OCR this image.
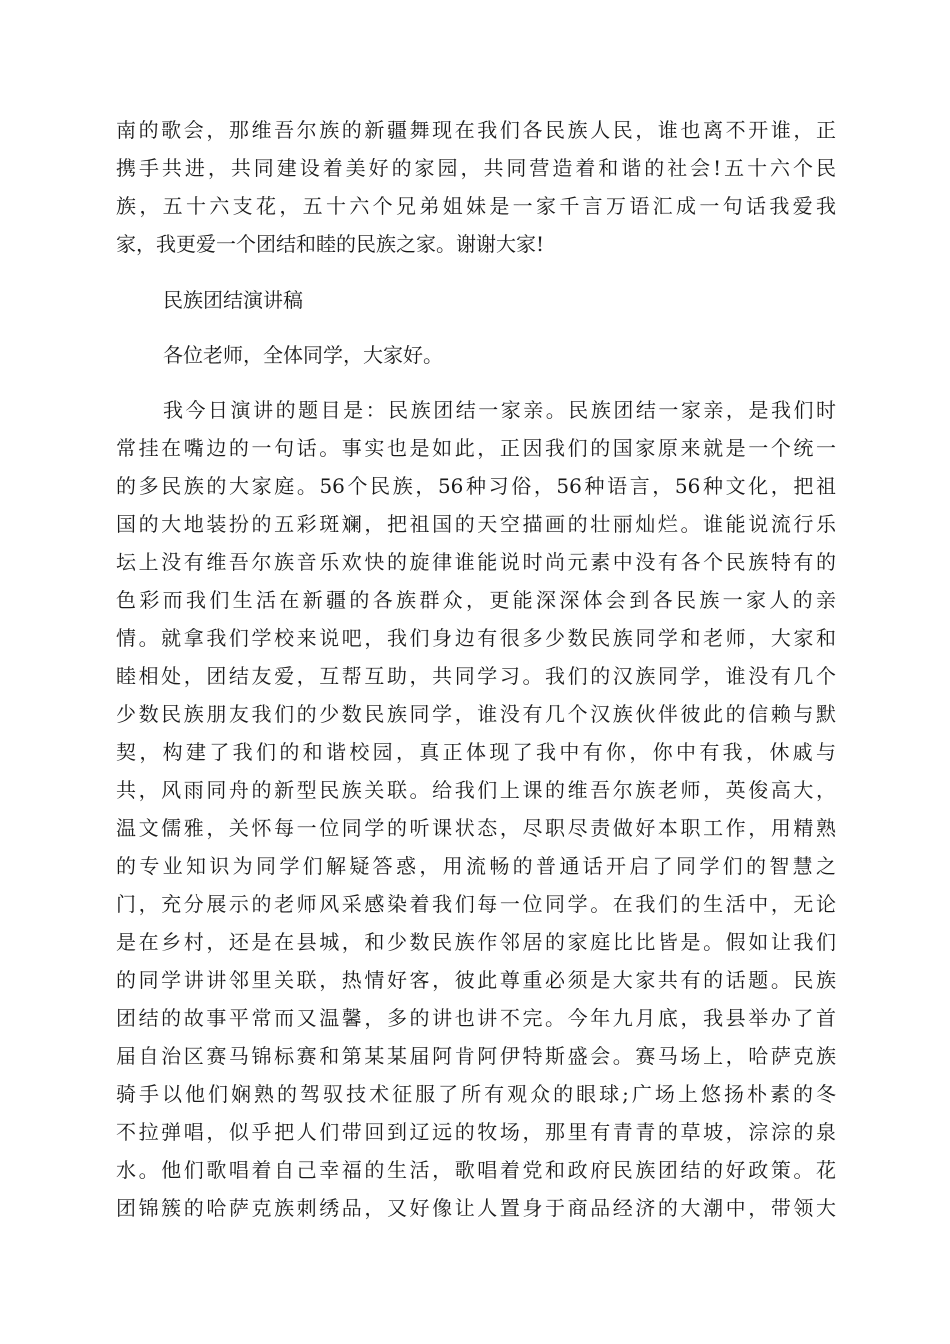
南的歌会，那维吾尔族的新疆舞现在我们各民族人民，谁也离不开谁，正
携手共进，共同建设着美好的家园，共同营造着和谐的社会!五十六个民
族，五十六支花，五十六个兄弟姐妹是一家千言万语汇成一句话我爱我
家，我更爱一个团结和睦的民族之家。谢谢大家!
民族团结演讲稿
各位老师，全体同学，大家好。
我今日演讲的题目是：民族团结一家亲。民族团结一家亲，是我们时
常挂在嘴边的一句话。事实也是如此，正因我们的国家原来就是一个统一
的多民族的大家庭。56个民族，56种习俗，56种语言，56种文化，把祖
国的大地装扮的五彩斑斓，把祖国的天空描画的壮丽灿烂。谁能说流行乐
坛上没有维吾尔族音乐欢快的旋律谁能说时尚元素中没有各个民族特有的
色彩而我们生活在新疆的各族群众，更能深深体会到各民族一家人的亲
情。就拿我们学校来说吧，我们身边有很多少数民族同学和老师，大家和
睦相处，团结友爱，互帮互助，共同学习。我们的汉族同学，谁没有几个
少数民族朋友我们的少数民族同学，谁没有几个汉族伙伴彼此的信赖与默
契，构建了我们的和谐校园，真正体现了我中有你，你中有我，休戚与
共，风雨同舟的新型民族关联。给我们上课的维吾尔族老师，英俊高大，
温文儒雅，关怀每一位同学的听课状态，尽职尽责做好本职工作，用精熟
的专业知识为同学们解疑答惑，用流畅的普通话开启了同学们的智慧之
门，充分展示的老师风采感染着我们每一位同学。在我们的生活中，无论
是在乡村，还是在县城，和少数民族作邻居的家庭比比皆是。假如让我们
的同学讲讲邻里关联，热情好客，彼此尊重必须是大家共有的话题。民族
团结的故事平常而又温馨，多的讲也讲不完。今年九月底，我县举办了首
届自治区赛马锦标赛和第某某届阿肯阿伊特斯盛会。赛马场上，哈萨克族
骑手以他们娴熟的驾驭技术征服了所有观众的眼球;广场上悠扬朴素的冬
不拉弹唱，似乎把人们带回到辽远的牧场，那里有青青的草坡，淙淙的泉
水。他们歌唱着自己幸福的生活，歌唱着党和政府民族团结的好政策。花
团锦簇的哈萨克族刺绣品，又好像让人置身于商品经济的大潮中，带领大
